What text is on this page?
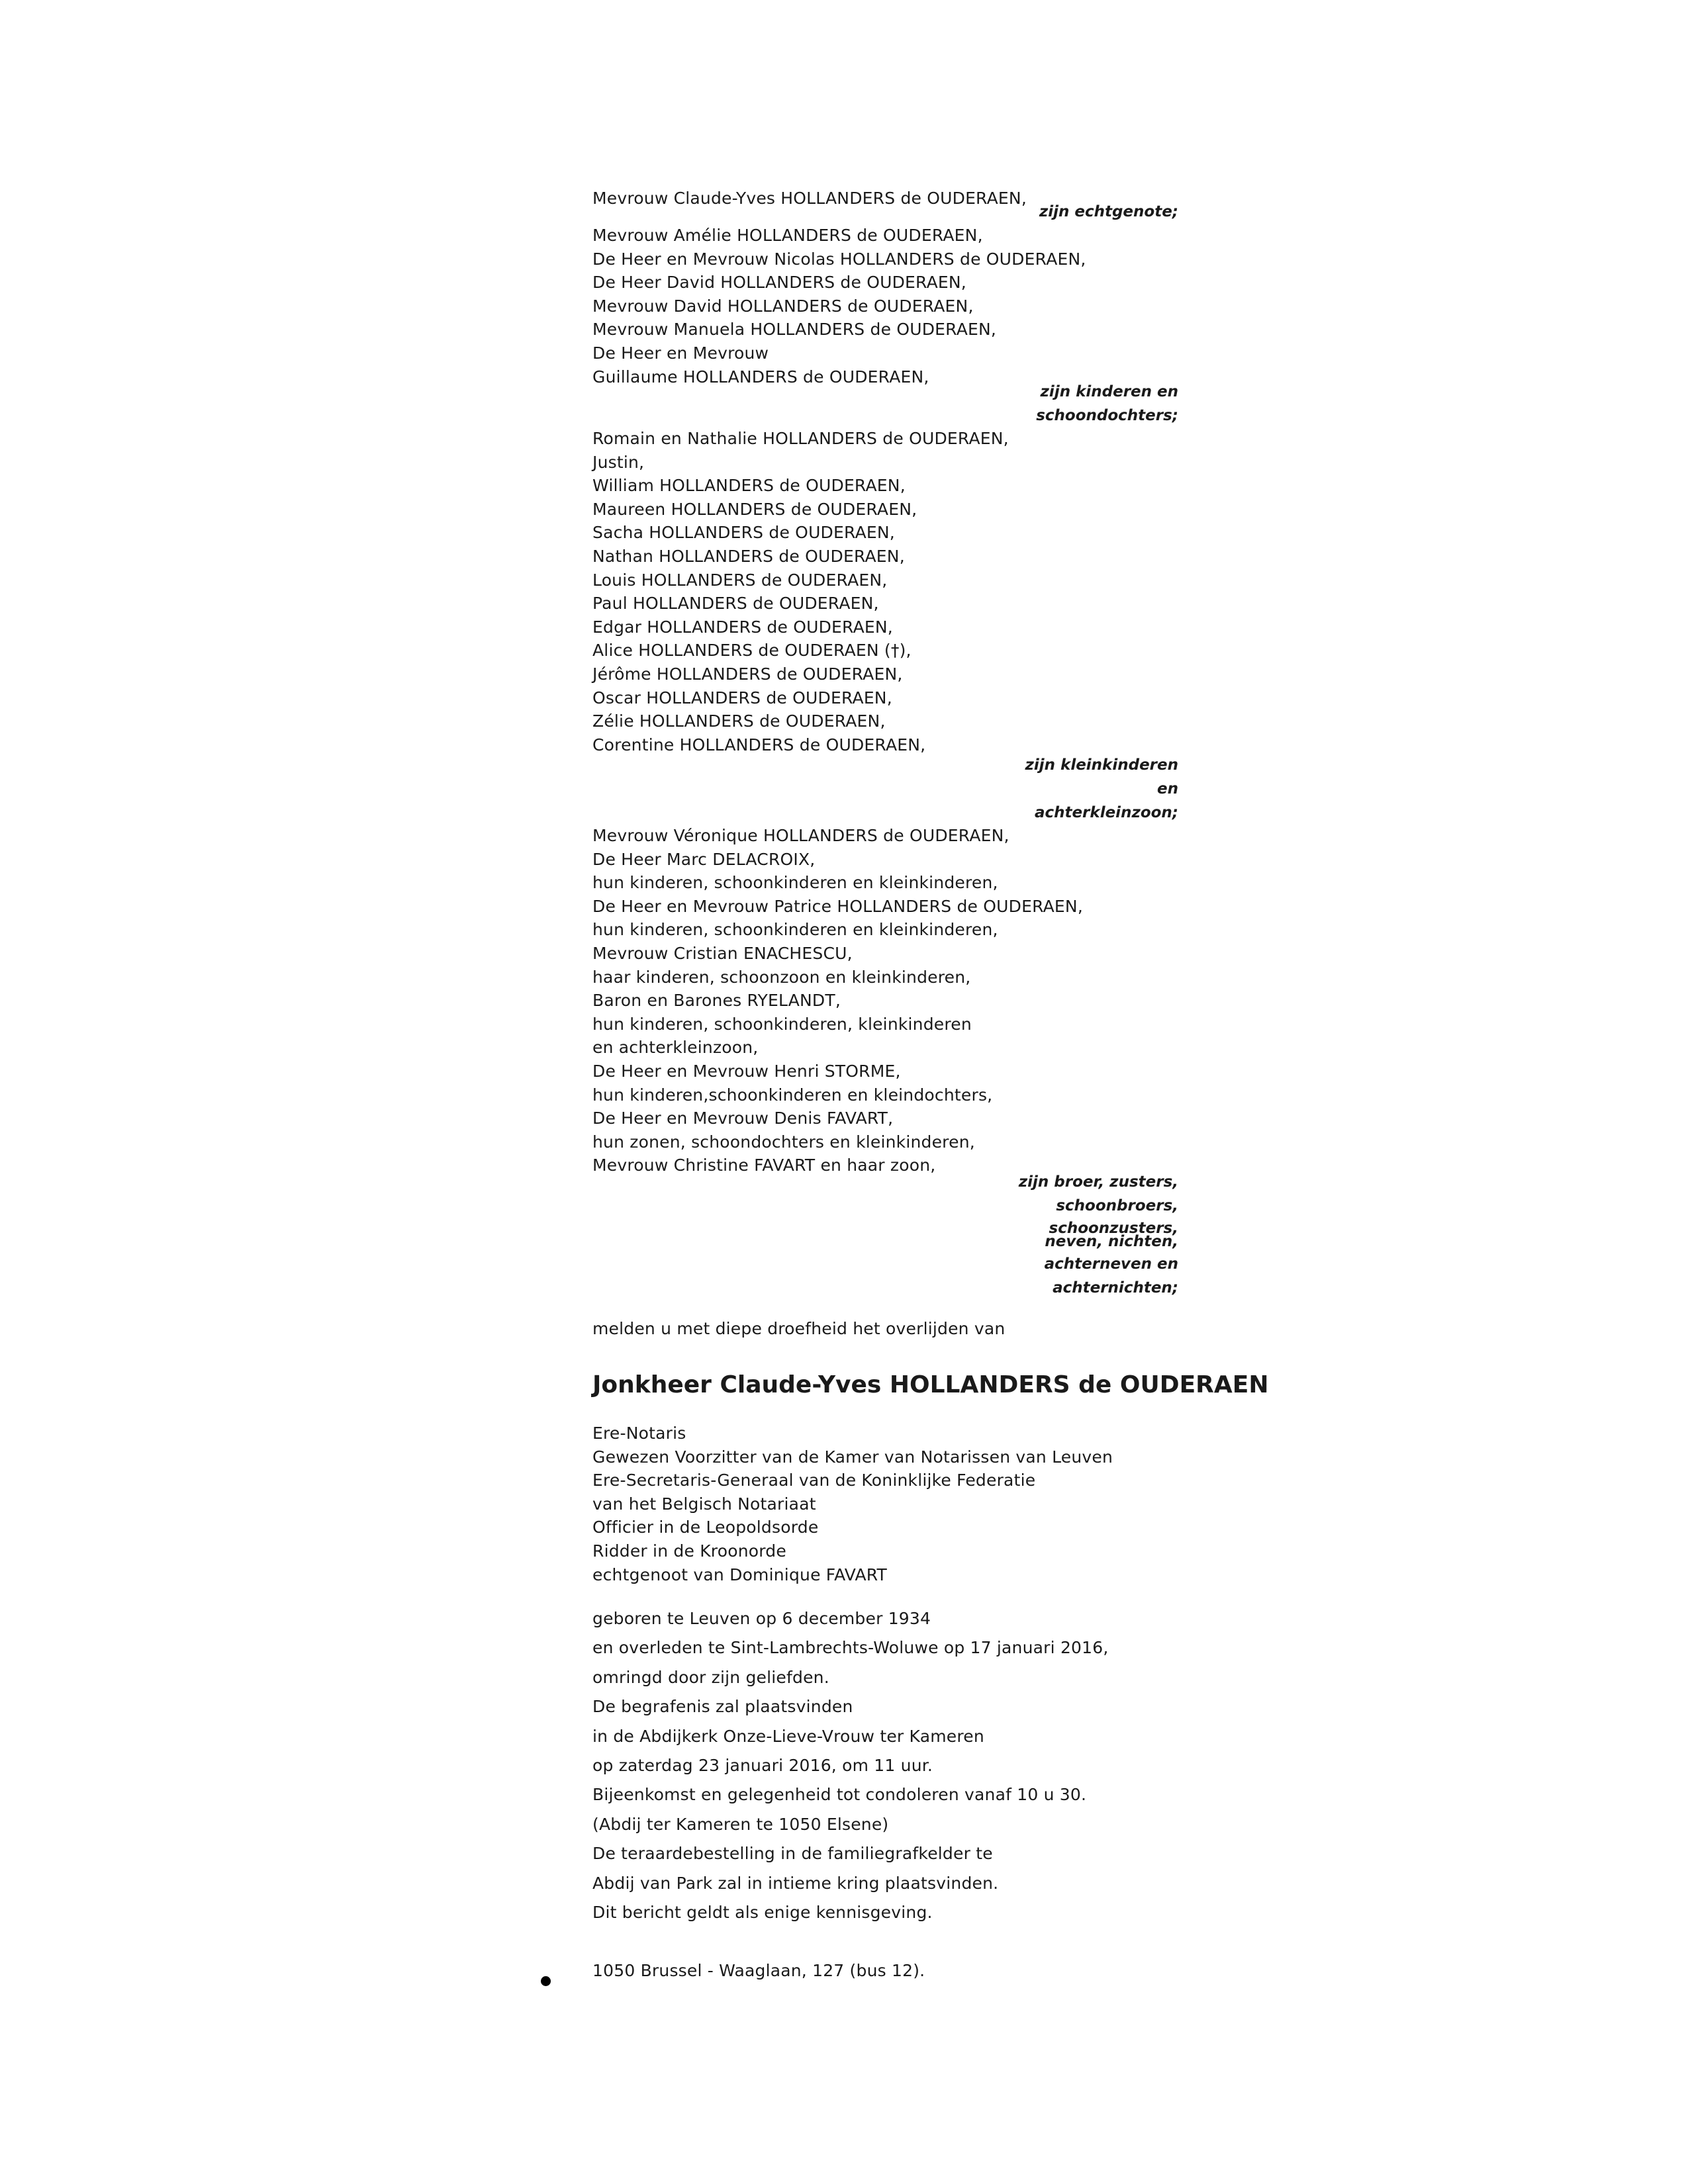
Mevrouw Claude-Yves HOLLANDERS de OUDERAEN,
zijn echtgenote;
Mevrouw Amélie HOLLANDERS de OUDERAEN,
De Heer en Mevrouw Nicolas HOLLANDERS de OUDERAEN,
De Heer David HOLLANDERS de OUDERAEN,
Mevrouw David HOLLANDERS de OUDERAEN,
Mevrouw Manuela HOLLANDERS de OUDERAEN,
De Heer en Mevrouw
Guillaume HOLLANDERS de OUDERAEN,
zijn kinderen en
schoondochters;
Romain en Nathalie HOLLANDERS de OUDERAEN,
Justin,
William HOLLANDERS de OUDERAEN,
Maureen HOLLANDERS de OUDERAEN,
Sacha HOLLANDERS de OUDERAEN,
Nathan HOLLANDERS de OUDERAEN,
Louis HOLLANDERS de OUDERAEN,
Paul HOLLANDERS de OUDERAEN,
Edgar HOLLANDERS de OUDERAEN,
Alice HOLLANDERS de OUDERAEN (†),
Jérôme HOLLANDERS de OUDERAEN,
Oscar HOLLANDERS de OUDERAEN,
Zélie HOLLANDERS de OUDERAEN,
Corentine HOLLANDERS de OUDERAEN,
zijn kleinkinderen
en
achterkleinzoon;
Mevrouw Véronique HOLLANDERS de OUDERAEN,
De Heer Marc DELACROIX,
hun kinderen, schoonkinderen en kleinkinderen,
De Heer en Mevrouw Patrice HOLLANDERS de OUDERAEN,
hun kinderen, schoonkinderen en kleinkinderen,
Mevrouw Cristian ENACHESCU,
haar kinderen, schoonzoon en kleinkinderen,
Baron en Barones RYELANDT,
hun kinderen, schoonkinderen, kleinkinderen
en achterkleinzoon,
De Heer en Mevrouw Henri STORME,
hun kinderen,schoonkinderen en kleindochters,
De Heer en Mevrouw Denis FAVART,
hun zonen, schoondochters en kleinkinderen,
Mevrouw Christine FAVART en haar zoon,
zijn broer, zusters,
schoonbroers,
schoonzusters,
neven, nichten,
achterneven en
achternichten;
melden u met diepe droefheid het overlijden van
Jonkheer Claude-Yves HOLLANDERS de OUDERAEN
Ere-Notaris
Gewezen Voorzitter van de Kamer van Notarissen van Leuven
Ere-Secretaris-Generaal van de Koninklijke Federatie
van het Belgisch Notariaat
Officier in de Leopoldsorde
Ridder in de Kroonorde
echtgenoot van Dominique FAVART
geboren te Leuven op 6 december 1934
en overleden te Sint-Lambrechts-Woluwe op 17 januari 2016,
omringd door zijn geliefden.
De begrafenis zal plaatsvinden
in de Abdijkerk Onze-Lieve-Vrouw ter Kameren
op zaterdag 23 januari 2016, om 11 uur.
Bijeenkomst en gelegenheid tot condoleren vanaf 10 u 30.
(Abdij ter Kameren te 1050 Elsene)
De teraardebestelling in de familiegrafkelder te
Abdij van Park zal in intieme kring plaatsvinden.
Dit bericht geldt als enige kennisgeving.
1050 Brussel - Waaglaan, 127 (bus 12).
